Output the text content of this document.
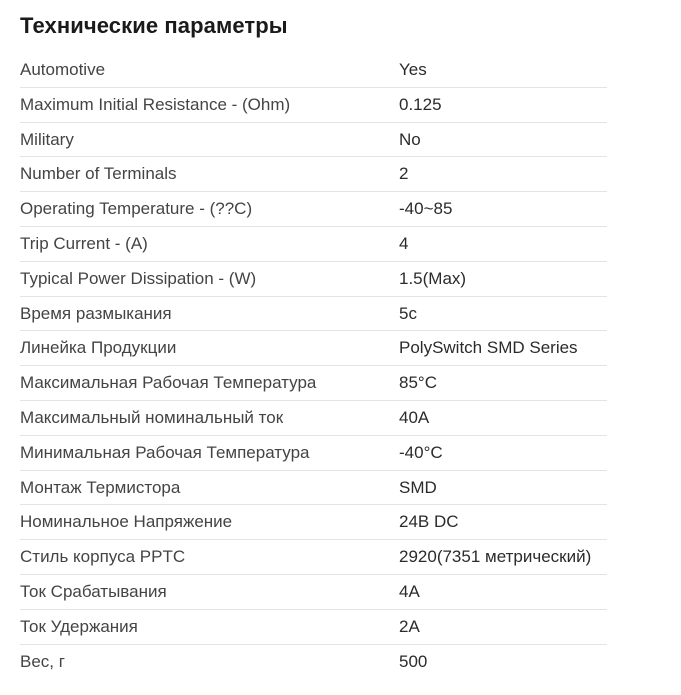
Технические параметры
Automotive	Yes
Maximum Initial Resistance - (Ohm)	0.125
Military	No
Number of Terminals	2
Operating Temperature - (??C)	-40~85
Trip Current - (A)	4
Typical Power Dissipation - (W)	1.5(Max)
Время размыкания	5c
Линейка Продукции	PolySwitch SMD Series
Максимальная Рабочая Температура	85°C
Максимальный номинальный ток	40A
Минимальная Рабочая Температура	-40°C
Монтаж Термистора	SMD
Номинальное Напряжение	24В DC
Стиль корпуса PPTC	2920(7351 метрический)
Ток Срабатывания	4A
Ток Удержания	2A
Вес, г	500
